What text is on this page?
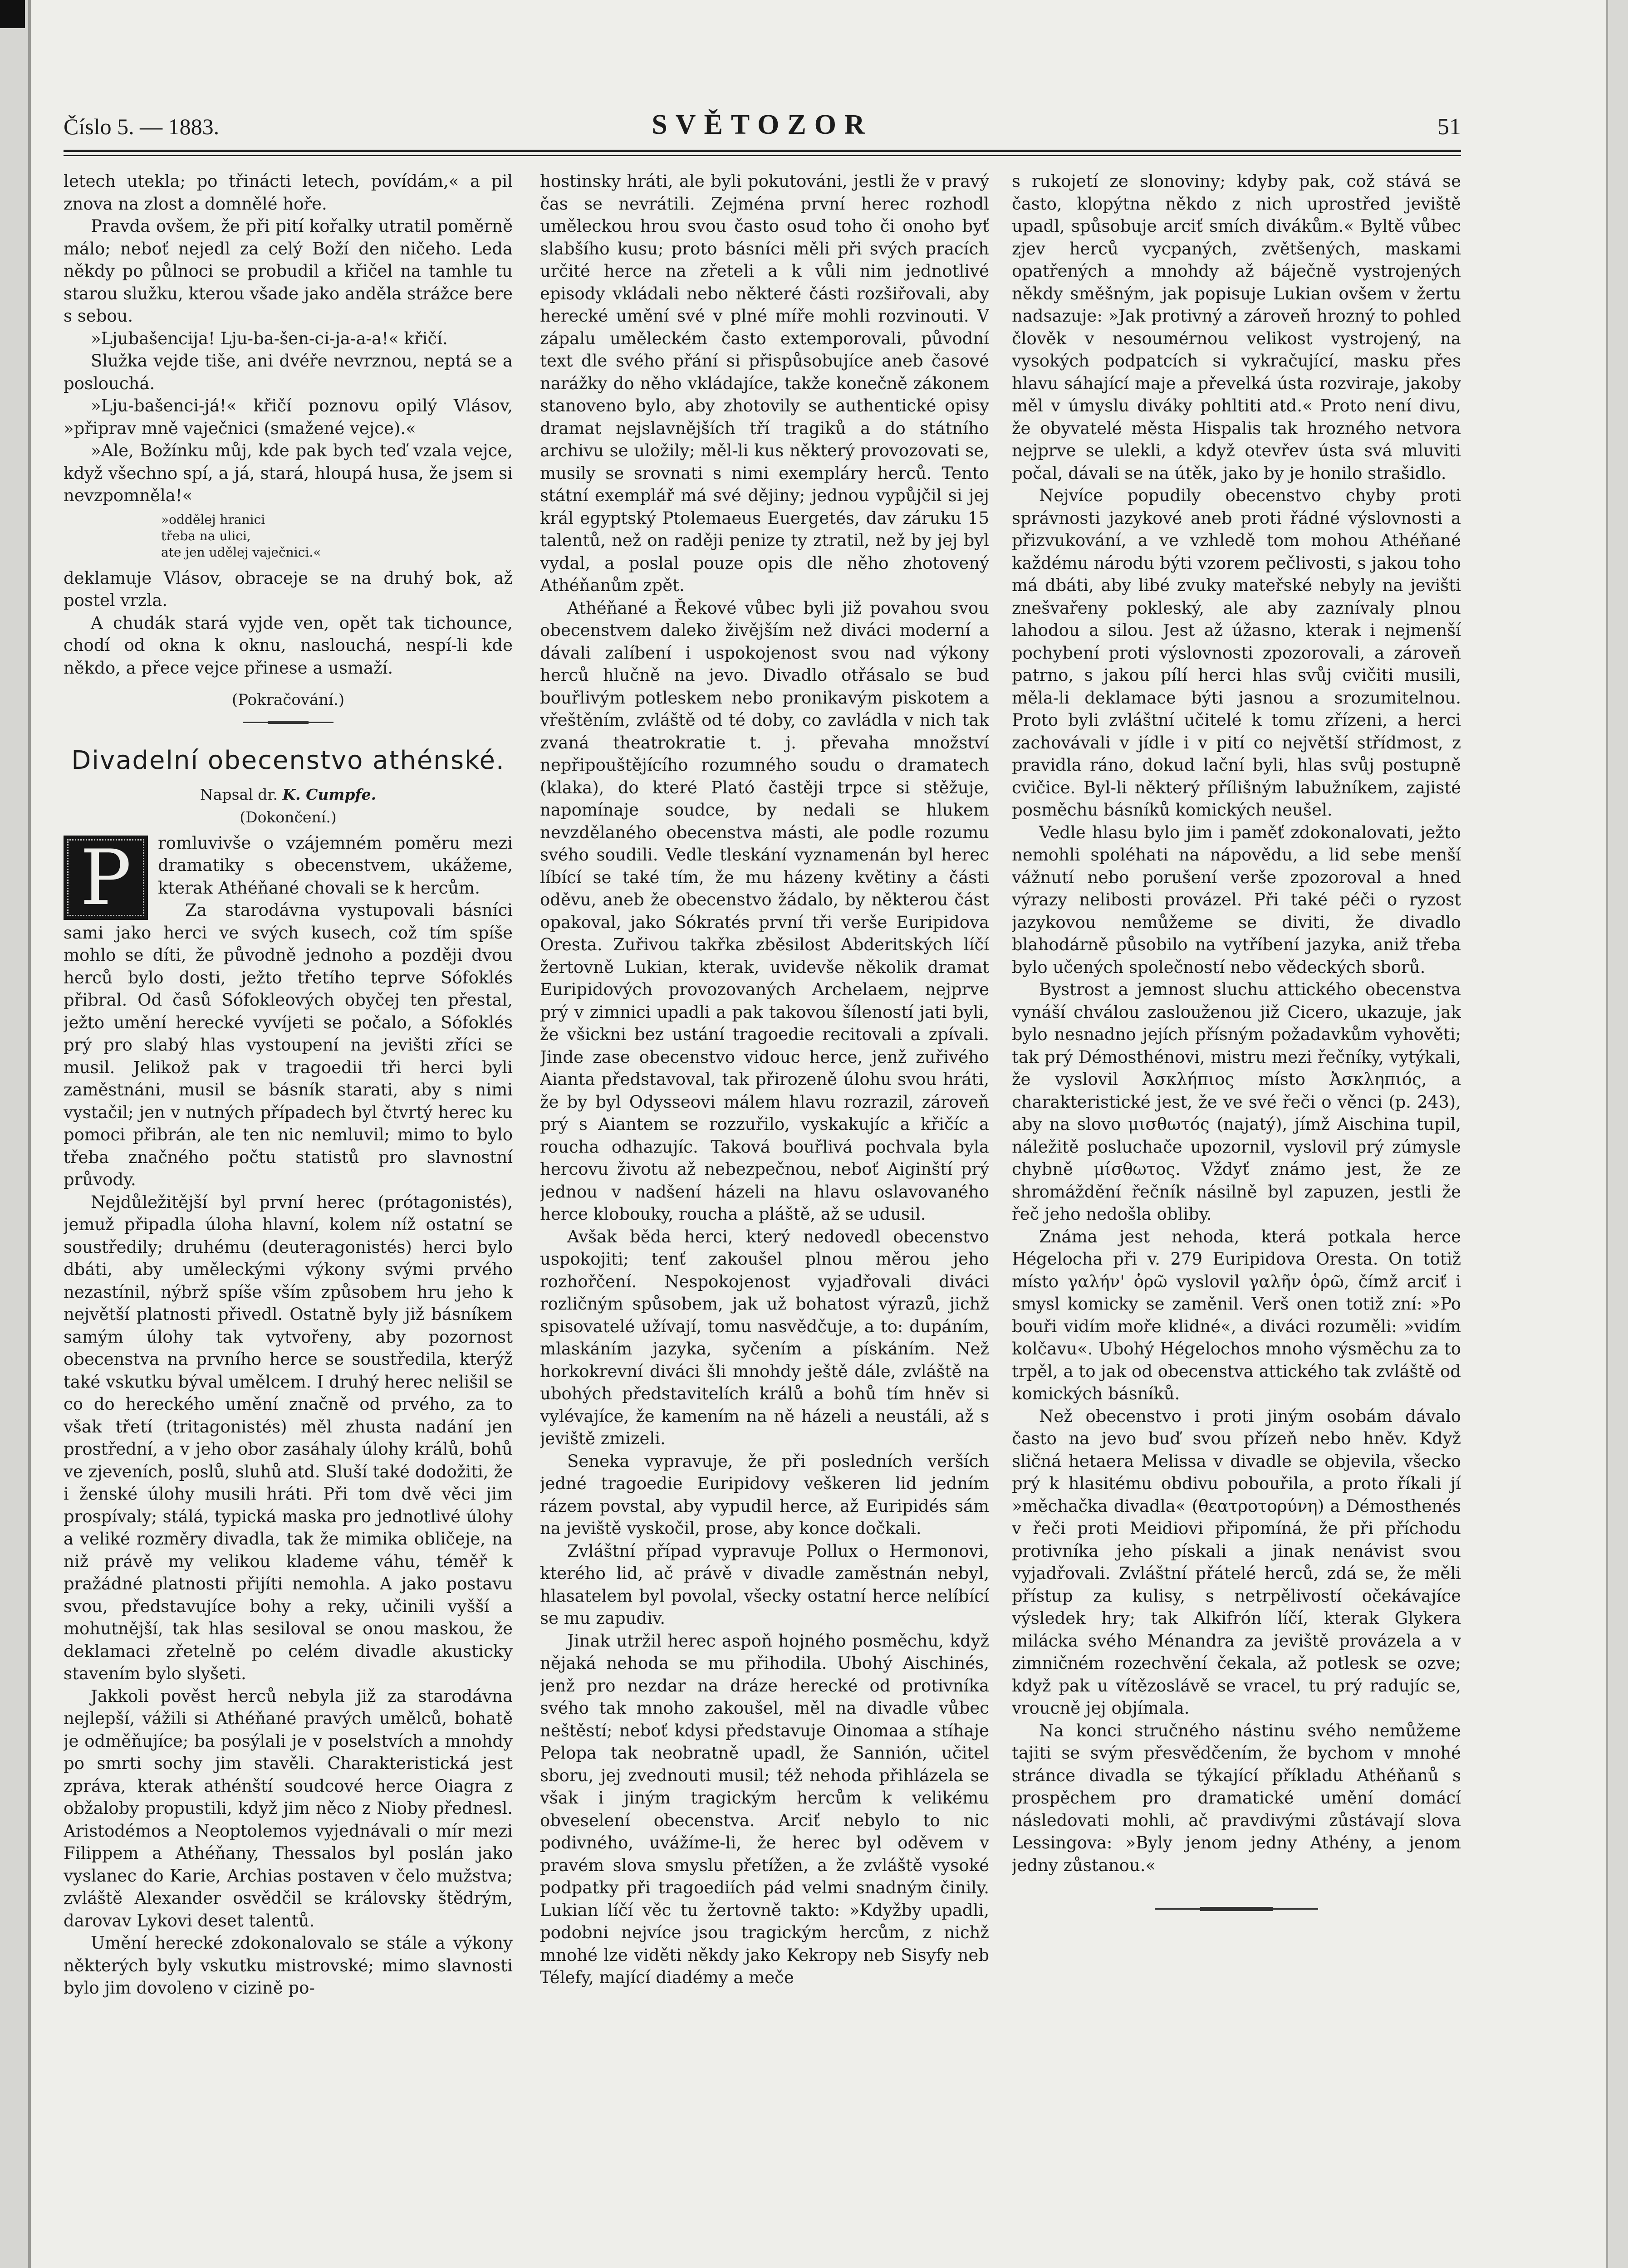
Číslo 5. — 1883.	SVĚTOZOR	51

letech utekla; po třinácti letech, povídám,« a pil znova na zlost a domnělé hoře.

Pravda ovšem, že při pití kořalky utratil poměrně málo; neboť nejedl za celý Boží den ničeho. Leda někdy po půlnoci se probudil a křičel na tamhle tu starou služku, kterou všade jako anděla strážce bere s sebou.

»Ljubašencija! Lju-ba-šen-ci-ja-a-a!« křičí.

Služka vejde tiše, ani dvéře nevrznou, neptá se a poslouchá.

»Lju-bašenci-já!« křičí poznovu opilý Vlásov, »připrav mně vaječnici (smažené vejce).«

»Ale, Božínku můj, kde pak bych teď vzala vejce, když všechno spí, a já, stará, hloupá husa, že jsem si nevzpomněla!«

»oddělej hranici
třeba na ulici,
ate jen udělej vaječnici.«

deklamuje Vlásov, obraceje se na druhý bok, až postel vrzla.

A chudák stará vyjde ven, opět tak tichounce, chodí od okna k oknu, naslouchá, nespí-li kde někdo, a přece vejce přinese a usmaží.

(Pokračování.)
Divadelní obecenstvo athénské.
Napsal dr. K. Cumpfe.
(Dokončení.)
P	romluvivše o vzájemném poměru mezi dramatiky s obecenstvem, ukážeme, kterak Athéňané chovali se k hercům.

Za starodávna vystupovali básníci sami jako herci ve svých kusech, což tím spíše mohlo se díti, že původně jednoho a později dvou herců bylo dosti, ježto třetího teprve Sófoklés přibral. Od časů Sófokleových obyčej ten přestal, ježto umění herecké vyvíjeti se počalo, a Sófoklés prý pro slabý hlas vystoupení na jevišti zříci se musil. Jelikož pak v tragoedii tři herci byli zaměstnáni, musil se básník starati, aby s nimi vystačil; jen v nutných případech byl čtvrtý herec ku pomoci přibrán, ale ten nic nemluvil; mimo to bylo třeba značného počtu statistů pro slavnostní průvody.

Nejdůležitější byl první herec (prótagonistés), jemuž připadla úloha hlavní, kolem níž ostatní se soustředily; druhému (deuteragonistés) herci bylo dbáti, aby uměleckými výkony svými prvého nezastínil, nýbrž spíše vším způsobem hru jeho k největší platnosti přivedl. Ostatně byly již básníkem samým úlohy tak vytvořeny, aby pozornost obecenstva na prvního herce se soustředila, kterýž také vskutku býval umělcem. I druhý herec nelišil se co do hereckého umění značně od prvého, za to však třetí (tritagonistés) měl zhusta nadání jen prostřední, a v jeho obor zasáhaly úlohy králů, bohů ve zjeveních, poslů, sluhů atd. Sluší také dodožiti, že i ženské úlohy musili hráti. Při tom dvě věci jim prospívaly; stálá, typická maska pro jednotlivé úlohy a veliké rozměry divadla, tak že mimika obličeje, na niž právě my velikou klademe váhu, téměř k pražádné platnosti přijíti nemohla. A jako postavu svou, představujíce bohy a reky, učinili vyšší a mohutnější, tak hlas sesiloval se onou maskou, že deklamaci zřetelně po celém divadle akusticky stavením bylo slyšeti.

Jakkoli pověst herců nebyla již za starodávna nejlepší, vážili si Athéňané pravých umělců, bohatě je odměňujíce; ba posýlali je v poselstvích a mnohdy po smrti sochy jim stavěli. Charakteristická jest zpráva, kterak athénští soudcové herce Oiagra z obžaloby propustili, když jim něco z Nioby přednesl. Aristodémos a Neoptolemos vyjednávali o mír mezi Filippem a Athéňany, Thessalos byl poslán jako vyslanec do Karie, Archias postaven v čelo mužstva; zvláště Alexander osvědčil se královsky štědrým, darovav Lykovi deset talentů.

Umění herecké zdokonalovalo se stále a výkony některých byly vskutku mistrovské; mimo slavnosti bylo jim dovoleno v cizině po-

hostinsky hráti, ale byli pokutováni, jestli že v pravý čas se nevrátili. Zejména první herec rozhodl uměleckou hrou svou často osud toho či onoho byť slabšího kusu; proto básníci měli při svých pracích určité herce na zřeteli a k vůli nim jednotlivé episody vkládali nebo některé části rozšiřovali, aby herecké umění své v plné míře mohli rozvinouti. V zápalu uměleckém často extemporovali, původní text dle svého přání si přispůsobujíce aneb časové narážky do něho vkládajíce, takže konečně zákonem stanoveno bylo, aby zhotovily se authentické opisy dramat nejslavnějších tří tragiků a do státního archivu se uložily; měl-li kus některý provozovati se, musily se srovnati s nimi exempláry herců. Tento státní exemplář má své dějiny; jednou vypůjčil si jej král egyptský Ptolemaeus Euergetés, dav záruku 15 talentů, než on raději penize ty ztratil, než by jej byl vydal, a poslal pouze opis dle něho zhotovený Athéňanům zpět.

Athéňané a Řekové vůbec byli již povahou svou obecenstvem daleko živějším než diváci moderní a dávali zalíbení i uspokojenost svou nad výkony herců hlučně na jevo. Divadlo otřásalo se buď bouřlivým potleskem nebo pronikavým piskotem a vřeštěním, zvláště od té doby, co zavládla v nich tak zvaná theatrokratie t. j. převaha množství nepřipouštějícího rozumného soudu o dramatech (klaka), do které Plató častěji trpce si stěžuje, napomínaje soudce, by nedali se hlukem nevzdělaného obecenstva másti, ale podle rozumu svého soudili. Vedle tleskání vyznamenán byl herec líbící se také tím, že mu házeny květiny a části oděvu, aneb že obecenstvo žádalo, by některou část opakoval, jako Sókratés první tři verše Euripidova Oresta. Zuřivou takřka zběsilost Abderitských líčí žertovně Lukian, kterak, uvidevše několik dramat Euripidových provozovaných Archelaem, nejprve prý v zimnici upadli a pak takovou šíleností jati byli, že všickni bez ustání tragoedie recitovali a zpívali. Jinde zase obecenstvo vidouc herce, jenž zuřivého Aianta představoval, tak přirozeně úlohu svou hráti, že by byl Odysseovi málem hlavu rozrazil, zároveň prý s Aiantem se rozzuřilo, vyskakujíc a křičíc a roucha odhazujíc. Taková bouřlivá pochvala byla hercovu životu až nebezpečnou, neboť Aiginští prý jednou v nadšení házeli na hlavu oslavovaného herce klobouky, roucha a pláště, až se udusil.

Avšak běda herci, který nedovedl obecenstvo uspokojiti; tenť zakoušel plnou měrou jeho rozhořčení. Nespokojenost vyjadřovali diváci rozličným spůsobem, jak už bohatost výrazů, jichž spisovatelé užívají, tomu nasvědčuje, a to: dupáním, mlaskáním jazyka, syčením a pískáním. Než horkokrevní diváci šli mnohdy ještě dále, zvláště na ubohých představitelích králů a bohů tím hněv si vylévajíce, že kamením na ně házeli a neustáli, až s jeviště zmizeli.

Seneka vypravuje, že při posledních verších jedné tragoedie Euripidovy veškeren lid jedním rázem povstal, aby vypudil herce, až Euripidés sám na jeviště vyskočil, prose, aby konce dočkali.

Zvláštní případ vypravuje Pollux o Hermonovi, kterého lid, ač právě v divadle zaměstnán nebyl, hlasatelem byl povolal, všecky ostatní herce nelíbící se mu zapudiv.

Jinak utržil herec aspoň hojného posměchu, když nějaká nehoda se mu přihodila. Ubohý Aischinés, jenž pro nezdar na dráze herecké od protivníka svého tak mnoho zakoušel, měl na divadle vůbec neštěstí; neboť kdysi představuje Oinomaa a stíhaje Pelopa tak neobratně upadl, že Sannión, učitel sboru, jej zvednouti musil; též nehoda přihlázela se však i jiným tragickým hercům k velikému obveselení obecenstva. Arciť nebylo to nic podivného, uvážíme-li, že herec byl oděvem v pravém slova smyslu přetížen, a že zvláště vysoké podpatky při tragoediích pád velmi snadným činily. Lukian líčí věc tu žertovně takto: »Kdyžby upadli, podobni nejvíce jsou tragickým hercům, z nichž mnohé lze viděti někdy jako Kekropy neb Sisyfy neb Télefy, mající diadémy a meče

s rukojetí ze slonoviny; kdyby pak, což stává se často, klopýtna někdo z nich uprostřed jeviště upadl, spůsobuje arciť smích divákům.« Byltě vůbec zjev herců vycpaných, zvětšených, maskami opatřených a mnohdy až báječně vystrojených někdy směšným, jak popisuje Lukian ovšem v žertu nadsazuje: »Jak protivný a zároveň hrozný to pohled člověk v nesoumérnou velikost vystrojený, na vysokých podpatcích si vykračující, masku přes hlavu sáhající maje a převelká ústa rozviraje, jakoby měl v úmyslu diváky pohltiti atd.« Proto není divu, že obyvatelé města Hispalis tak hrozného netvora nejprve se ulekli, a když otevřev ústa svá mluviti počal, dávali se na útěk, jako by je honilo strašidlo.

Nejvíce popudily obecenstvo chyby proti správnosti jazykové aneb proti řádné výslovnosti a přizvukování, a ve vzhledě tom mohou Athéňané každému národu býti vzorem pečlivosti, s jakou toho má dbáti, aby libé zvuky mateřské nebyly na jevišti znešvařeny pokleský, ale aby zaznívaly plnou lahodou a silou. Jest až úžasno, kterak i nejmenší pochybení proti výslovnosti zpozorovali, a zároveň patrno, s jakou pílí herci hlas svůj cvičiti musili, měla-li deklamace býti jasnou a srozumitelnou. Proto byli zvláštní učitelé k tomu zřízeni, a herci zachovávali v jídle i v pití co největší střídmost, z pravidla ráno, dokud lační byli, hlas svůj postupně cvičice. Byl-li některý přílišným labužníkem, zajisté posměchu básníků komických neušel.

Vedle hlasu bylo jim i paměť zdokonalovati, ježto nemohli spoléhati na nápovědu, a lid sebe menší vážnutí nebo porušení verše zpozoroval a hned výrazy nelibosti provázel. Při také péči o ryzost jazykovou nemůžeme se diviti, že divadlo blahodárně působilo na vytříbení jazyka, aniž třeba bylo učených společností nebo vědeckých sborů.

Bystrost a jemnost sluchu attického obecenstva vynáší chválou zaslouženou již Cicero, ukazuje, jak bylo nesnadno jejích přísným požadavkům vyhověti; tak prý Démosthénovi, mistru mezi řečníky, vytýkali, že vyslovil Ἀσκλήπιος místo Ἀσκληπιός, a charakteristické jest, že ve své řeči o věnci (p. 243), aby na slovo μισθωτός (najatý), jímž Aischina tupil, náležitě posluchače upozornil, vyslovil prý zúmysle chybně μίσθωτος. Vždyť známo jest, že ze shromáždění řečník násilně byl zapuzen, jestli že řeč jeho nedošla obliby.

Známa jest nehoda, která potkala herce Hégelocha při v. 279 Euripidova Oresta. On totiž místo γαλήν' ὁρῶ vyslovil γαλῆν ὁρῶ, čímž arciť i smysl komicky se zaměnil. Verš onen totiž zní: »Po bouři vidím moře klidné«, a diváci rozuměli: »vidím kolčavu«. Ubohý Hégelochos mnoho výsměchu za to trpěl, a to jak od obecenstva attického tak zvláště od komických básníků.

Než obecenstvo i proti jiným osobám dávalo často na jevo buď svou přízeň nebo hněv. Když sličná hetaera Melissa v divadle se objevila, všecko prý k hlasitému obdivu pobouřila, a proto říkali jí »měchačka divadla« (θεατροτορύνη) a Démosthenés v řeči proti Meidiovi připomíná, že při příchodu protivníka jeho pískali a jinak nenávist svou vyjadřovali. Zvláštní přátelé herců, zdá se, že měli přístup za kulisy, s netrpělivostí očekávajíce výsledek hry; tak Alkifrón líčí, kterak Glykera milácka svého Ménandra za jeviště provázela a v zimničném rozechvění čekala, až potlesk se ozve; když pak u vítězoslávě se vracel, tu prý radujíc se, vroucně jej objímala.

Na konci stručného nástinu svého nemůžeme tajiti se svým přesvědčením, že bychom v mnohé stránce divadla se týkající příkladu Athéňanů s prospěchem pro dramatické umění domácí následovati mohli, ač pravdivými zůstávají slova Lessingova: »Byly jenom jedny Athény, a jenom jedny zůstanou.«
